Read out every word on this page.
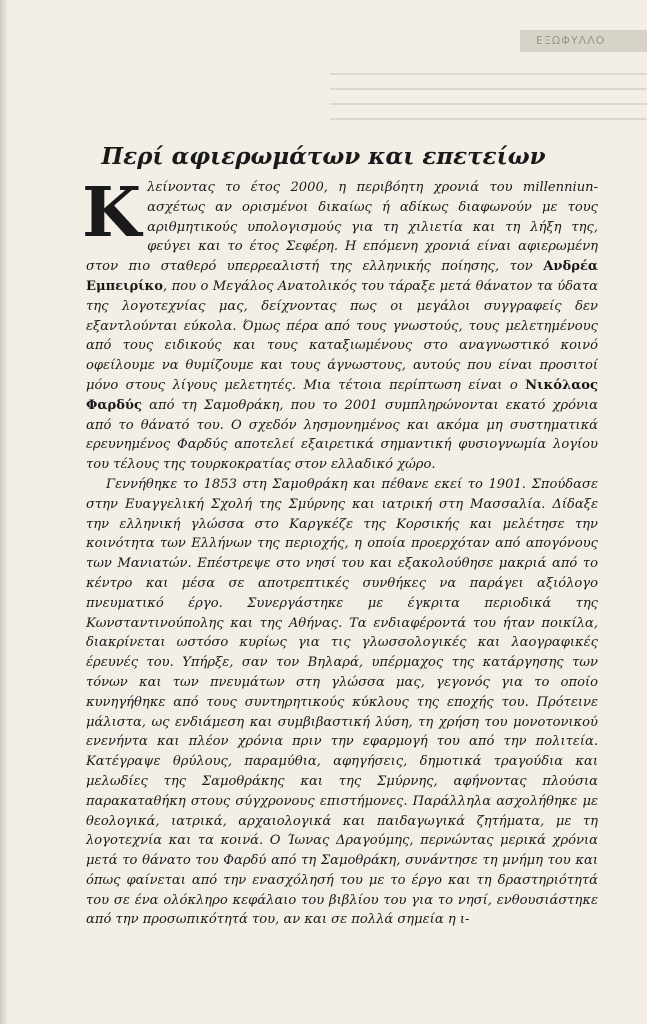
ΕΞΩΦΥΛΛΟ
Περί αφιερωμάτων και επετείων

Κλείνοντας το έτος 2000, η περιβόητη χρονιά του millenniun- ασχέτως αν ορισμένοι δικαίως ή αδίκως διαφωνούν με τους αριθμητικούς υπολογισμούς για τη χιλιετία και τη λήξη της, φεύγει και το έτος Σεφέρη. Η επόμενη χρονιά είναι αφιερωμένη στον πιο σταθερό υπερρεαλιστή της ελληνικής ποίησης, τον Ανδρέα Εμπειρίκο, που ο Μεγάλος Ανατολικός του τάραξε μετά θάνατον τα ύδατα της λογοτεχνίας μας, δείχνοντας πως οι μεγάλοι συγγραφείς δεν εξαντλούνται εύκολα. Όμως πέρα από τους γνωστούς, τους μελετημένους από τους ειδικούς και τους καταξιωμένους στο αναγνωστικό κοινό οφείλουμε να θυμίζουμε και τους άγνωστους, αυτούς που είναι προσιτοί μόνο στους λίγους μελετητές. Μια τέτοια περίπτωση είναι ο Νικόλαος Φαρδύς από τη Σαμοθράκη, που το 2001 συμπληρώνονται εκατό χρόνια από το θάνατό του. Ο σχεδόν λησμονημένος και ακόμα μη συστηματικά ερευνημένος Φαρδύς αποτελεί εξαιρετικά σημαντική φυσιογνωμία λογίου του τέλους της τουρκοκρατίας στον ελλαδικό χώρο.

Γεννήθηκε το 1853 στη Σαμοθράκη και πέθανε εκεί το 1901. Σπούδασε στην Ευαγγελική Σχολή της Σμύρνης και ιατρική στη Μασσαλία. Δίδαξε την ελληνική γλώσσα στο Καργκέζε της Κορσικής και μελέτησε την κοινότητα των Ελλήνων της περιοχής, η οποία προερχόταν από απογόνους των Μανιατών. Επέστρεψε στο νησί του και εξακολούθησε μακριά από το κέντρο και μέσα σε αποτρεπτικές συνθήκες να παράγει αξιόλογο πνευματικό έργο. Συνεργάστηκε με έγκριτα περιοδικά της Κωνσταντινούπολης και της Αθήνας. Τα ενδιαφέροντά του ήταν ποικίλα, διακρίνεται ωστόσο κυρίως για τις γλωσσολογικές και λαογραφικές έρευνές του. Υπήρξε, σαν τον Βηλαρά, υπέρμαχος της κατάργησης των τόνων και των πνευμάτων στη γλώσσα μας, γεγονός για το οποίο κυνηγήθηκε από τους συντηρητικούς κύκλους της εποχής του. Πρότεινε μάλιστα, ως ενδιάμεση και συμβιβαστική λύση, τη χρήση του μονοτονικού ενενήντα και πλέον χρόνια πριν την εφαρμογή του από την πολιτεία. Κατέγραψε θρύλους, παραμύθια, αφηγήσεις, δημοτικά τραγούδια και μελωδίες της Σαμοθράκης και της Σμύρνης, αφήνοντας πλούσια παρακαταθήκη στους σύγχρονους επιστήμονες. Παράλληλα ασχολήθηκε με θεολογικά, ιατρικά, αρχαιολογικά και παιδαγωγικά ζητήματα, με τη λογοτεχνία και τα κοινά. Ο Ίωνας Δραγούμης, περνώντας μερικά χρόνια μετά το θάνατο του Φαρδύ από τη Σαμοθράκη, συνάντησε τη μνήμη του και όπως φαίνεται από την ενασχόλησή του με το έργο και τη δραστηριότητά του σε ένα ολόκληρο κεφάλαιο του βιβλίου του για το νησί, ενθουσιάστηκε από την προσωπικότητά του, αν και σε πολλά σημεία η ι-
